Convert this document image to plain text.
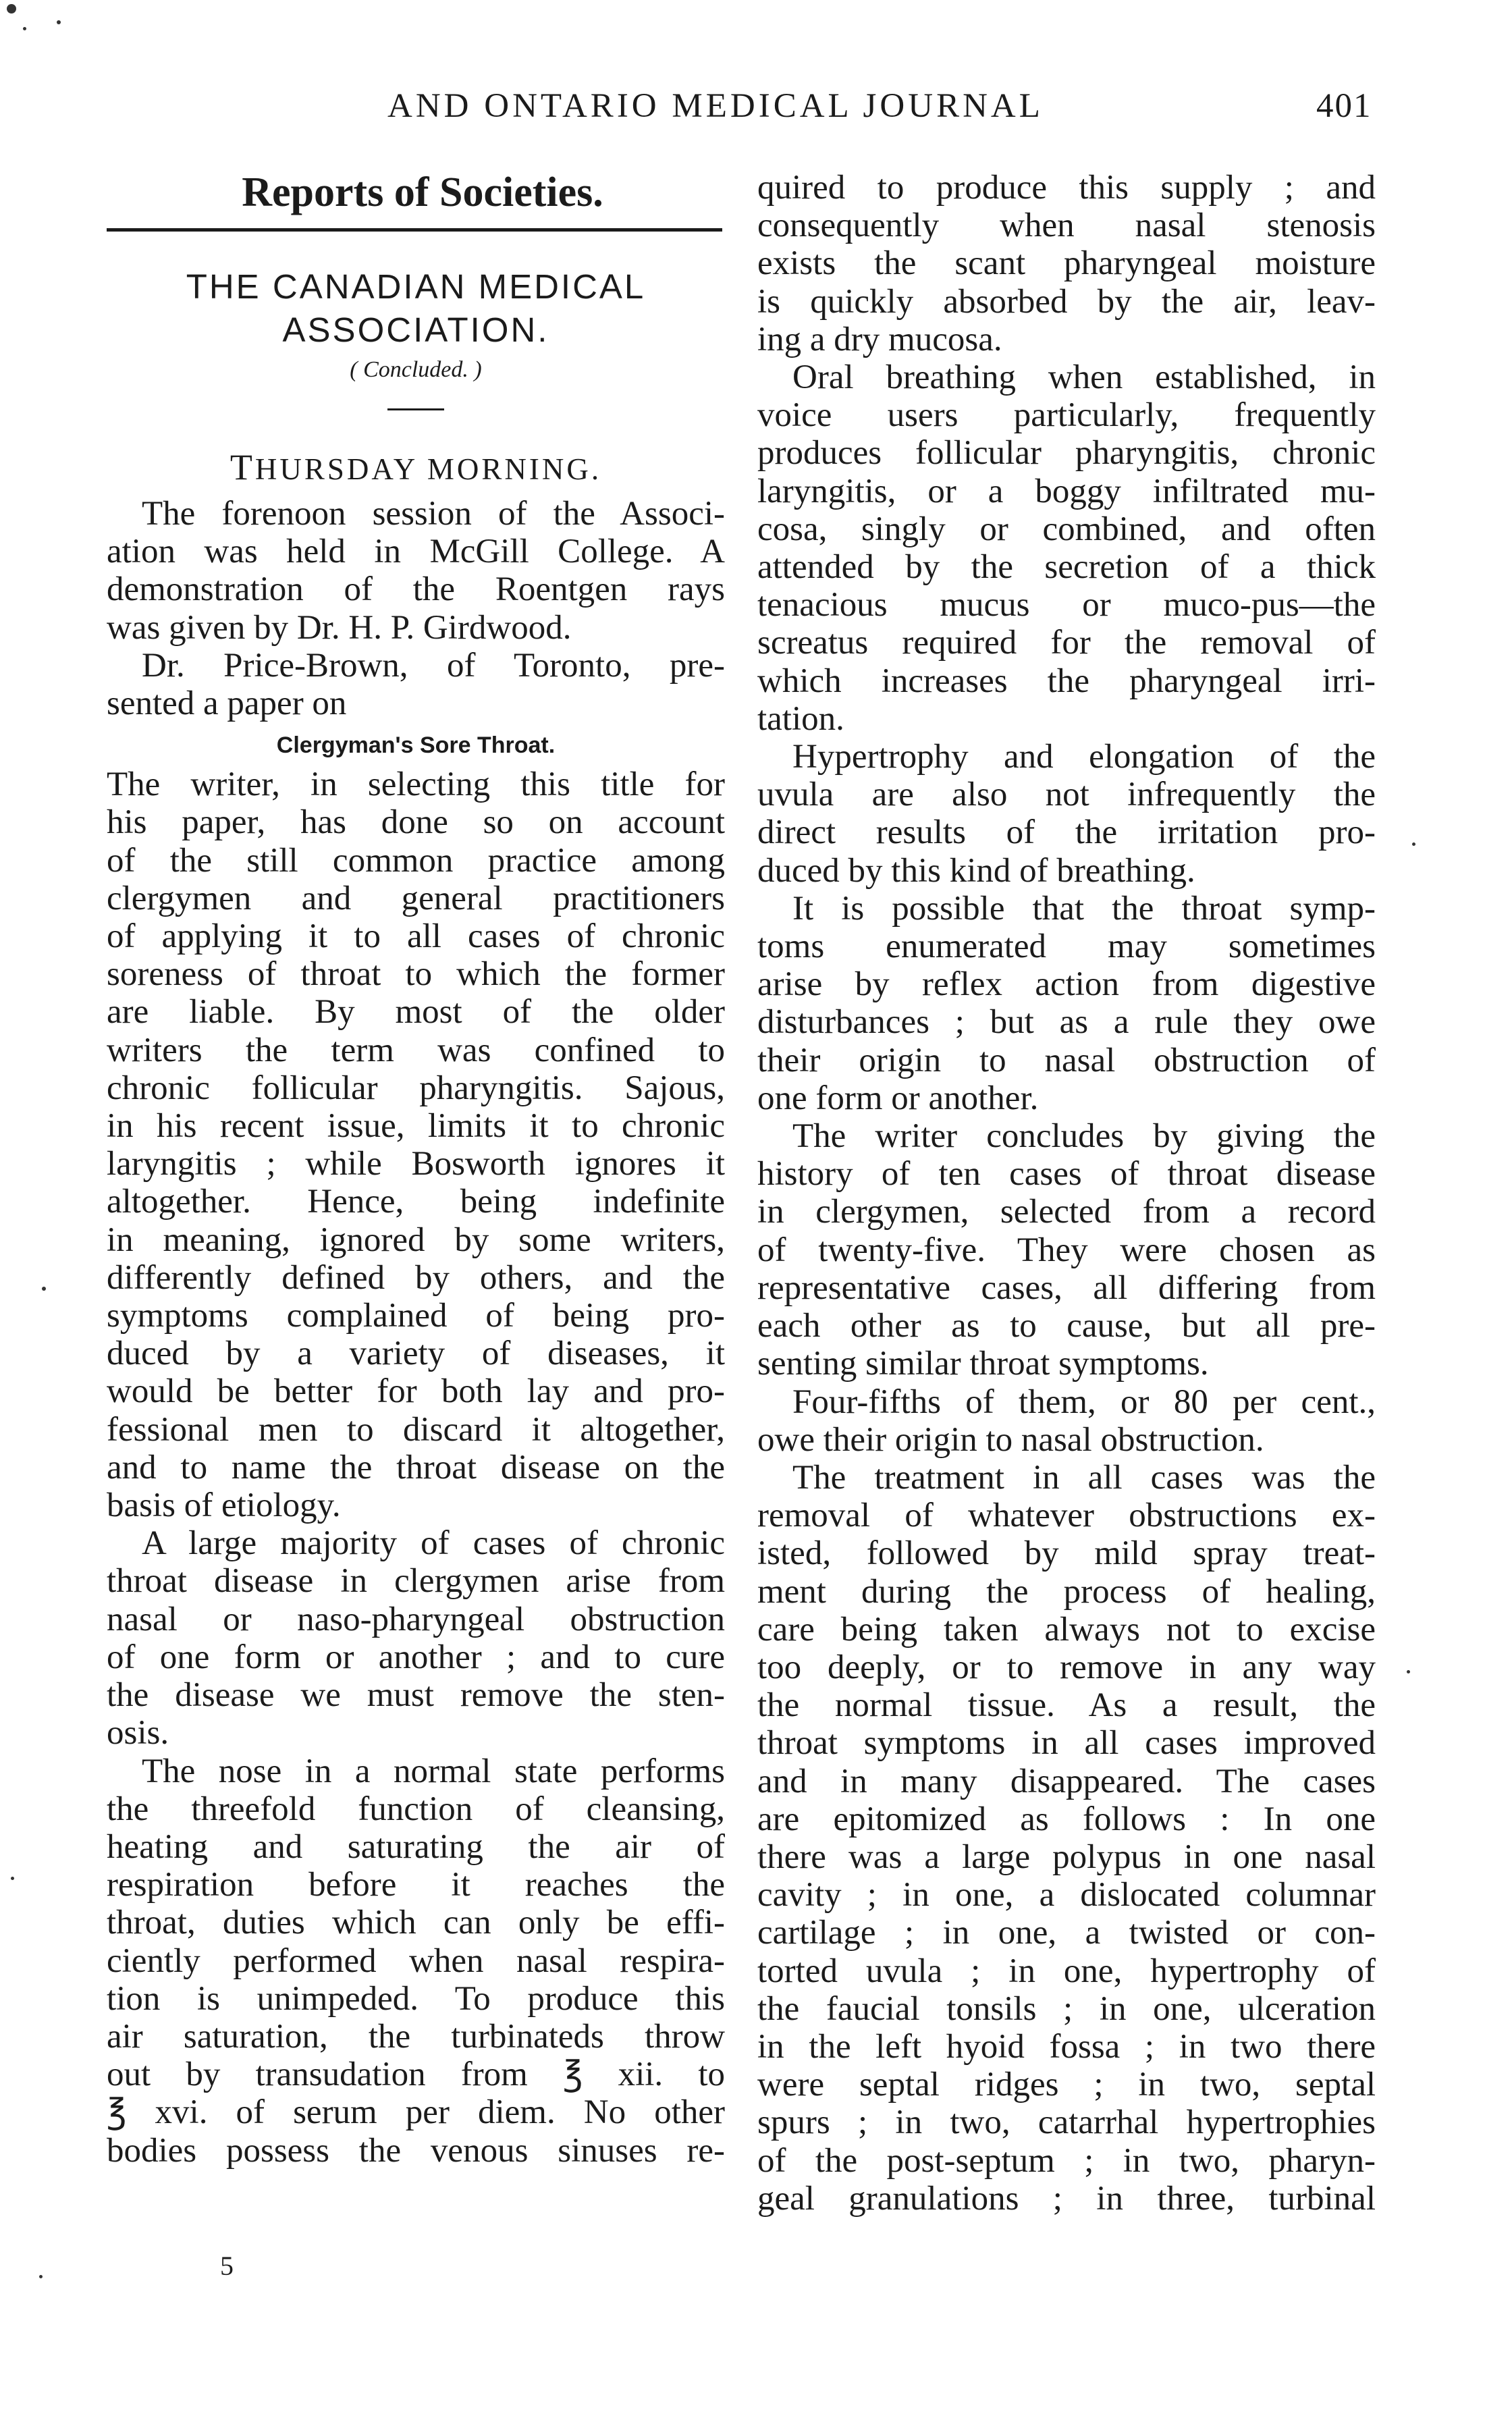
AND ONTARIO MEDICAL JOURNAL	401
Reports of Societies.
THE CANADIAN MEDICAL
ASSOCIATION.
( Concluded. )
THURSDAY MORNING.
The forenoon session of the Associ-
ation was held in McGill College. A
demonstration of the Roentgen rays
was given by Dr. H. P. Girdwood.
Dr. Price-Brown, of Toronto, pre-
sented a paper on
Clergyman's Sore Throat.
The writer, in selecting this title for
his paper, has done so on account
of the still common practice among
clergymen and general practitioners
of applying it to all cases of chronic
soreness of throat to which the former
are liable. By most of the older
writers the term was confined to
chronic follicular pharyngitis. Sajous,
in his recent issue, limits it to chronic
laryngitis ; while Bosworth ignores it
altogether. Hence, being indefinite
in meaning, ignored by some writers,
differently defined by others, and the
symptoms complained of being pro-
duced by a variety of diseases, it
would be better for both lay and pro-
fessional men to discard it altogether,
and to name the throat disease on the
basis of etiology.
A large majority of cases of chronic
throat disease in clergymen arise from
nasal or naso-pharyngeal obstruction
of one form or another ; and to cure
the disease we must remove the sten-
osis.
The nose in a normal state performs
the threefold function of cleansing,
heating and saturating the air of
respiration before it reaches the
throat, duties which can only be effi-
ciently performed when nasal respira-
tion is unimpeded. To produce this
air saturation, the turbinateds throw
out by transudation from ℥ xii. to
℥ xvi. of serum per diem. No other
bodies possess the venous sinuses re-
quired to produce this supply ; and
consequently when nasal stenosis
exists the scant pharyngeal moisture
is quickly absorbed by the air, leav-
ing a dry mucosa.
Oral breathing when established, in
voice users particularly, frequently
produces follicular pharyngitis, chronic
laryngitis, or a boggy infiltrated mu-
cosa, singly or combined, and often
attended by the secretion of a thick
tenacious mucus or muco-pus—the
screatus required for the removal of
which increases the pharyngeal irri-
tation.
Hypertrophy and elongation of the
uvula are also not infrequently the
direct results of the irritation pro-
duced by this kind of breathing.
It is possible that the throat symp-
toms enumerated may sometimes
arise by reflex action from digestive
disturbances ; but as a rule they owe
their origin to nasal obstruction of
one form or another.
The writer concludes by giving the
history of ten cases of throat disease
in clergymen, selected from a record
of twenty-five. They were chosen as
representative cases, all differing from
each other as to cause, but all pre-
senting similar throat symptoms.
Four-fifths of them, or 80 per cent.,
owe their origin to nasal obstruction.
The treatment in all cases was the
removal of whatever obstructions ex-
isted, followed by mild spray treat-
ment during the process of healing,
care being taken always not to excise
too deeply, or to remove in any way
the normal tissue. As a result, the
throat symptoms in all cases improved
and in many disappeared. The cases
are epitomized as follows : In one
there was a large polypus in one nasal
cavity ; in one, a dislocated columnar
cartilage ; in one, a twisted or con-
torted uvula ; in one, hypertrophy of
the faucial tonsils ; in one, ulceration
in the left hyoid fossa ; in two there
were septal ridges ; in two, septal
spurs ; in two, catarrhal hypertrophies
of the post-septum ; in two, pharyn-
geal granulations ; in three, turbinal
5
